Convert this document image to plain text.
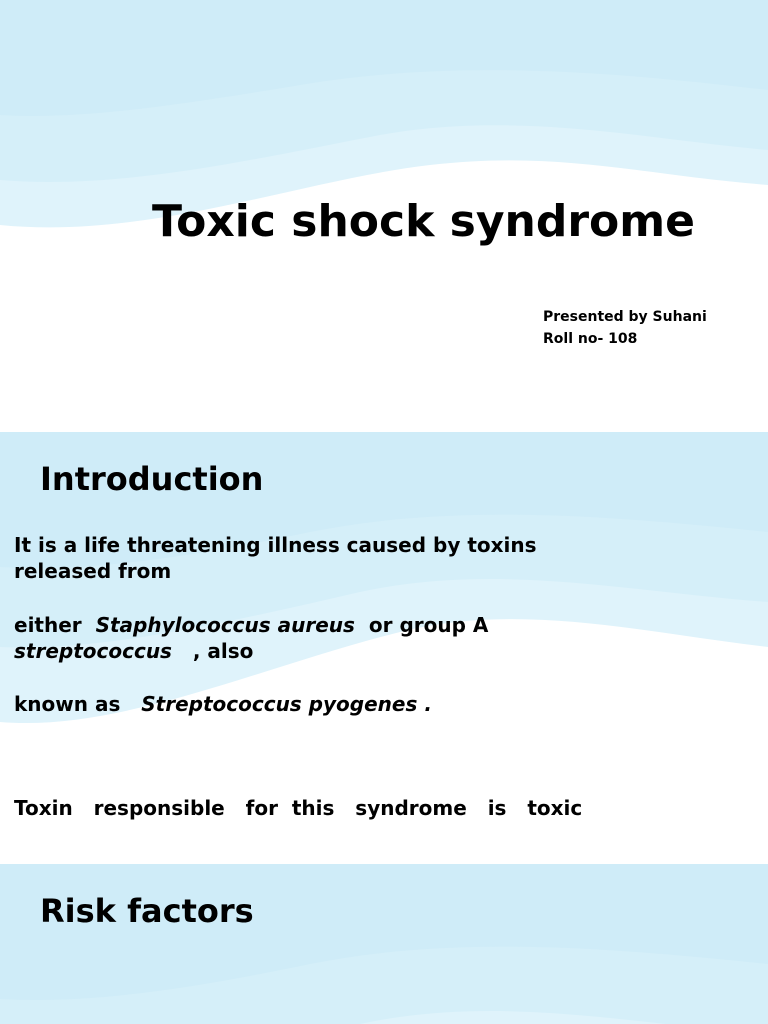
Toxic shock syndrome
Presented by Suhani
Roll no- 108
Introduction
It is a life threatening illness caused by toxins
released from
either  Staphylococcus aureus  or group A
streptococcus   , also
known as   Streptococcus pyogenes .

Toxin   responsible   for  this   syndrome   is   toxic

Risk factors
